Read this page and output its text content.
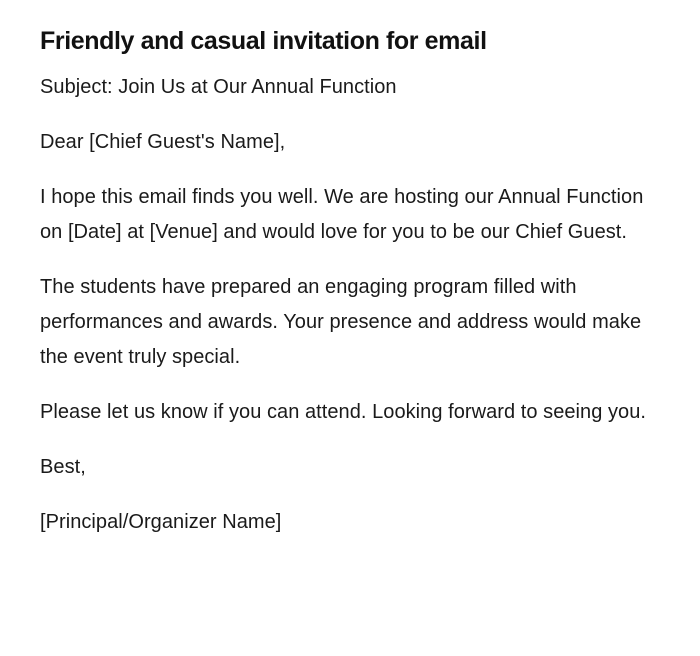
Friendly and casual invitation for email

Subject: Join Us at Our Annual Function

Dear [Chief Guest's Name],

I hope this email finds you well. We are hosting our Annual Function on [Date] at [Venue] and would love for you to be our Chief Guest.

The students have prepared an engaging program filled with performances and awards. Your presence and address would make the event truly special.

Please let us know if you can attend. Looking forward to seeing you.

Best,

[Principal/Organizer Name]
